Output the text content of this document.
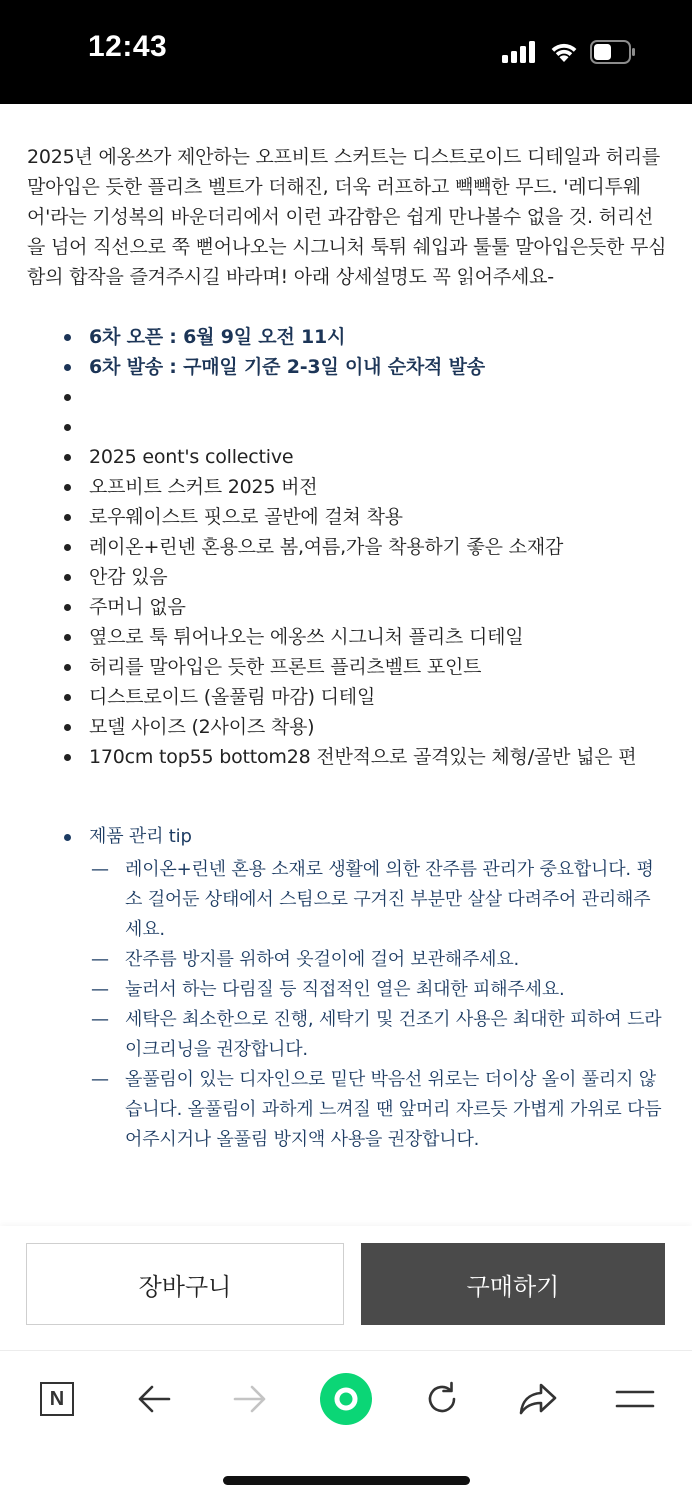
12:43
2025년 에옹쓰가 제안하는 오프비트 스커트는 디스트로이드 디테일과 허리를 말아입은 듯한 플리츠 벨트가 더해진, 더욱 러프하고 빽빽한 무드. '레디투웨어'라는 기성복의 바운더리에서 이런 과감함은 쉽게 만나볼수 없을 것. 허리선을 넘어 직선으로 쭉 뻗어나오는 시그니처 툭튀 쉐입과 툴툴 말아입은듯한 무심함의 합작을 즐겨주시길 바라며! 아래 상세설명도 꼭 읽어주세요-
6차 오픈 : 6월 9일 오전 11시
6차 발송 : 구매일 기준 2-3일 이내 순차적 발송
2025 eont's collective
오프비트 스커트 2025 버전
로우웨이스트 핏으로 골반에 걸쳐 착용
레이온+린넨 혼용으로 봄,여름,가을 착용하기 좋은 소재감
안감 있음
주머니 없음
옆으로 툭 튀어나오는 에옹쓰 시그니처 플리츠 디테일
허리를 말아입은 듯한 프론트 플리츠벨트 포인트
디스트로이드 (올풀림 마감) 디테일
모델 사이즈 (2사이즈 착용)
170cm top55 bottom28 전반적으로 골격있는 체형/골반 넓은 편
제품 관리 tip
— 레이온+린넨 혼용 소재로 생활에 의한 잔주름 관리가 중요합니다. 평소 걸어둔 상태에서 스팀으로 구겨진 부분만 살살 다려주어 관리해주세요.
— 잔주름 방지를 위하여 옷걸이에 걸어 보관해주세요.
— 눌러서 하는 다림질 등 직접적인 열은 최대한 피해주세요.
— 세탁은 최소한으로 진행, 세탁기 및 건조기 사용은 최대한 피하여 드라이크리닝을 권장합니다.
— 올풀림이 있는 디자인으로 밑단 박음선 위로는 더이상 올이 풀리지 않습니다. 올풀림이 과하게 느껴질 땐 앞머리 자르듯 가볍게 가위로 다듬어주시거나 올풀림 방지액 사용을 권장합니다.
장바구니	구매하기
N
